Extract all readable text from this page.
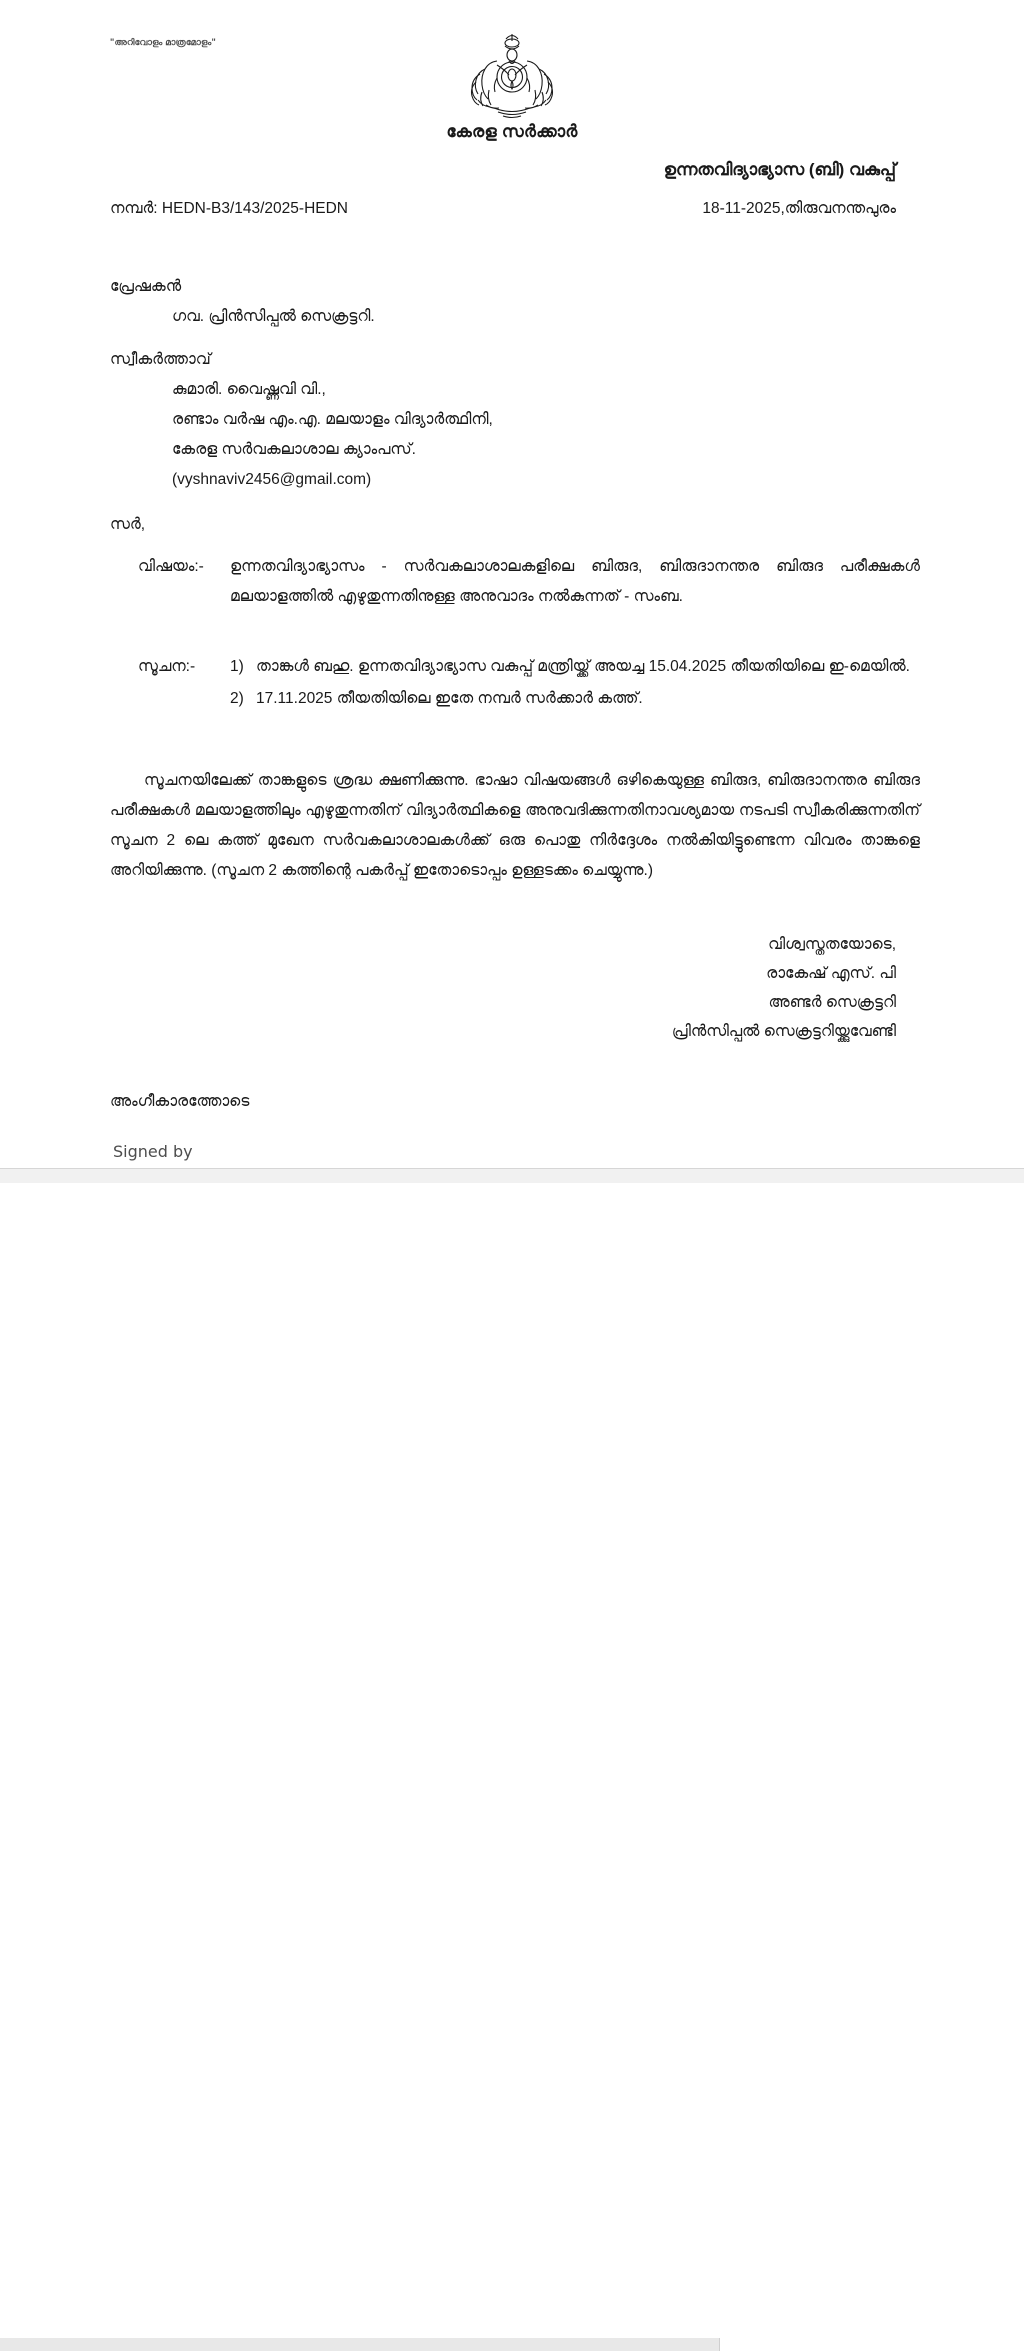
"അറിവോളം മാത്രമോളം"
കേരള സർക്കാർ
ഉന്നതവിദ്യാഭ്യാസ (ബി) വകുപ്പ്
നമ്പർ: HEDN-B3/143/2025-HEDN	18-11-2025,തിരുവനന്തപുരം
പ്രേഷകൻ
ഗവ. പ്രിൻസിപ്പൽ സെക്രട്ടറി.
സ്വീകർത്താവ്
കുമാരി. വൈഷ്ണവി വി.,
രണ്ടാം വർഷ എം.എ. മലയാളം വിദ്യാർത്ഥിനി,
കേരള സർവകലാശാല ക്യാംപസ്.
(vyshnaviv2456@gmail.com)
സർ,
വിഷയം:-	ഉന്നതവിദ്യാഭ്യാസം - സർവകലാശാലകളിലെ ബിരുദ, ബിരുദാനന്തര ബിരുദ പരീക്ഷകൾ മലയാളത്തിൽ എഴുതുന്നതിനുള്ള അനുവാദം നൽകുന്നത് - സംബ.
സൂചന:-	1) താങ്കൾ ബഹു. ഉന്നതവിദ്യാഭ്യാസ വകുപ്പ് മന്ത്രിയ്ക്ക് അയച്ച 15.04.2025 തീയതിയിലെ ഇ-മെയിൽ.
2) 17.11.2025 തീയതിയിലെ ഇതേ നമ്പർ സർക്കാർ കത്ത്.
സൂചനയിലേക്ക് താങ്കളുടെ ശ്രദ്ധ ക്ഷണിക്കുന്നു. ഭാഷാ വിഷയങ്ങൾ ഒഴികെയുള്ള ബിരുദ, ബിരുദാനന്തര ബിരുദ പരീക്ഷകൾ മലയാളത്തിലും എഴുതുന്നതിന് വിദ്യാർത്ഥികളെ അനുവദിക്കുന്നതിനാവശ്യമായ നടപടി സ്വീകരിക്കുന്നതിന് സൂചന 2 ലെ കത്ത് മുഖേന സർവകലാശാലകൾക്ക് ഒരു പൊതു നിർദ്ദേശം നൽകിയിട്ടുണ്ടെന്ന വിവരം താങ്കളെ അറിയിക്കുന്നു. (സൂചന 2 കത്തിന്റെ പകർപ്പ് ഇതോടൊപ്പം ഉള്ളടക്കം ചെയ്യുന്നു.)
വിശ്വസ്തതയോടെ,
രാകേഷ് എസ്. പി
അണ്ടർ സെക്രട്ടറി
പ്രിൻസിപ്പൽ സെക്രട്ടറിയ്ക്കുവേണ്ടി
അംഗീകാരത്തോടെ
Signed by
